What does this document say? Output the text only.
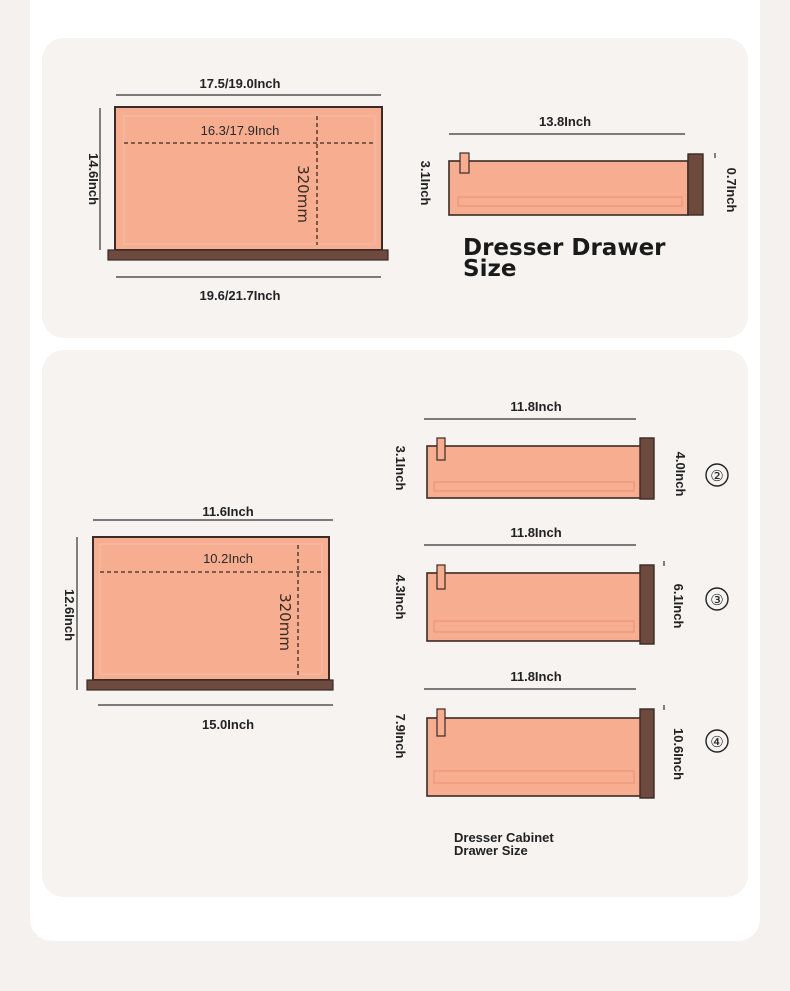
17.5/19.0Inch
16.3/17.9Inch
320mm
14.6Inch
19.6/21.7Inch
13.8Inch
3.1Inch	0.7Inch
Dresser Drawer
Size
11.6Inch
10.2Inch
320mm
12.6Inch
15.0Inch
11.8Inch
3.1Inch	4.0Inch ②
11.8Inch
4.3Inch	6.1Inch ③
11.8Inch
7.9Inch	10.6Inch ④
Dresser Cabinet
Drawer Size
